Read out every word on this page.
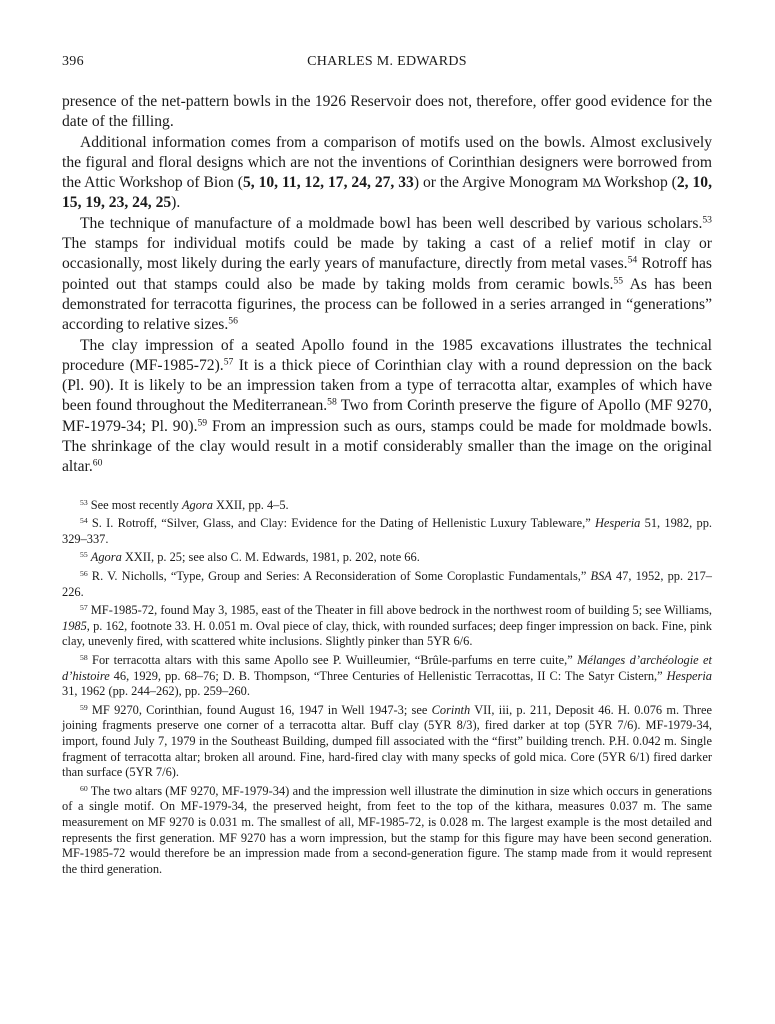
396	CHARLES M. EDWARDS

presence of the net-pattern bowls in the 1926 Reservoir does not, therefore, offer good evidence for the date of the filling.

Additional information comes from a comparison of motifs used on the bowls. Almost exclusively the figural and floral designs which are not the inventions of Corinthian designers were borrowed from the Attic Workshop of Bion (5, 10, 11, 12, 17, 24, 27, 33) or the Argive Monogram ΜΔ Workshop (2, 10, 15, 19, 23, 24, 25).

The technique of manufacture of a moldmade bowl has been well described by various scholars.$^{53}$ The stamps for individual motifs could be made by taking a cast of a relief motif in clay or occasionally, most likely during the early years of manufacture, directly from metal vases.$^{54}$ Rotroff has pointed out that stamps could also be made by taking molds from ceramic bowls.$^{55}$ As has been demonstrated for terracotta figurines, the process can be followed in a series arranged in “generations” according to relative sizes.$^{56}$

The clay impression of a seated Apollo found in the 1985 excavations illustrates the technical procedure (MF-1985-72).$^{57}$ It is a thick piece of Corinthian clay with a round depression on the back (Pl. 90). It is likely to be an impression taken from a type of terracotta altar, examples of which have been found throughout the Mediterranean.$^{58}$ Two from Corinth preserve the figure of Apollo (MF 9270, MF-1979-34; Pl. 90).$^{59}$ From an impression such as ours, stamps could be made for moldmade bowls. The shrinkage of the clay would result in a motif considerably smaller than the image on the original altar.$^{60}$

$^{53}$ See most recently Agora XXII, pp. 4–5.

$^{54}$ S. I. Rotroff, “Silver, Glass, and Clay: Evidence for the Dating of Hellenistic Luxury Tableware,” Hesperia 51, 1982, pp. 329–337.

$^{55}$ Agora XXII, p. 25; see also C. M. Edwards, 1981, p. 202, note 66.

$^{56}$ R. V. Nicholls, “Type, Group and Series: A Reconsideration of Some Coroplastic Fundamentals,” BSA 47, 1952, pp. 217–226.

$^{57}$ MF-1985-72, found May 3, 1985, east of the Theater in fill above bedrock in the northwest room of building 5; see Williams, 1985, p. 162, footnote 33. H. 0.051 m. Oval piece of clay, thick, with rounded surfaces; deep finger impression on back. Fine, pink clay, unevenly fired, with scattered white inclusions. Slightly pinker than 5YR 6/6.

$^{58}$ For terracotta altars with this same Apollo see P. Wuilleumier, “Brûle-parfums en terre cuite,” Mélanges d’archéologie et d’histoire 46, 1929, pp. 68–76; D. B. Thompson, “Three Centuries of Hellenistic Terracottas, II C: The Satyr Cistern,” Hesperia 31, 1962 (pp. 244–262), pp. 259–260.

$^{59}$ MF 9270, Corinthian, found August 16, 1947 in Well 1947-3; see Corinth VII, iii, p. 211, Deposit 46. H. 0.076 m. Three joining fragments preserve one corner of a terracotta altar. Buff clay (5YR 8/3), fired darker at top (5YR 7/6). MF-1979-34, import, found July 7, 1979 in the Southeast Building, dumped fill associated with the “first” building trench. P.H. 0.042 m. Single fragment of terracotta altar; broken all around. Fine, hard-fired clay with many specks of gold mica. Core (5YR 6/1) fired darker than surface (5YR 7/6).

$^{60}$ The two altars (MF 9270, MF-1979-34) and the impression well illustrate the diminution in size which occurs in generations of a single motif. On MF-1979-34, the preserved height, from feet to the top of the kithara, measures 0.037 m. The same measurement on MF 9270 is 0.031 m. The smallest of all, MF-1985-72, is 0.028 m. The largest example is the most detailed and represents the first generation. MF 9270 has a worn impression, but the stamp for this figure may have been second generation. MF-1985-72 would therefore be an impression made from a second-generation figure. The stamp made from it would represent the third generation.
